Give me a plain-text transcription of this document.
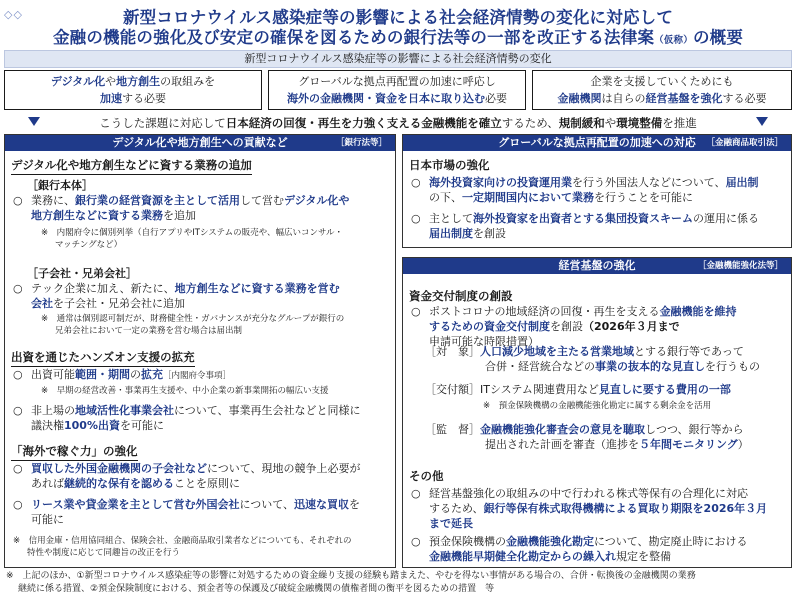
◇◇	新型コロナウイルス感染症等の影響による社会経済情勢の変化に対応して
金融の機能の強化及び安定の確保を図るための銀行法等の一部を改正する法律案（仮称）の概要
新型コロナウイルス感染症等の影響による社会経済情勢の変化
デジタル化や地方創生の取組みを
加速する必要
グローバルな拠点再配置の加速に呼応し
海外の金融機関・資金を日本に取り込む必要
企業を支援していくためにも
金融機関は自らの経営基盤を強化する必要
こうした課題に対応して日本経済の回復・再生を力強く支える金融機能を確立するため、規制緩和や環境整備を推進
デジタル化や地方創生への貢献など	［銀行法等］
デジタル化や地方創生などに資する業務の追加
［銀行本体］
○ 業務に、銀行業の経営資源を主として活用して営むデジタル化や
地方創生などに資する業務を追加
※　内閣府令に個別列挙（自行アプリやITシステムの販売や、幅広いコンサル・
マッチングなど）
［子会社・兄弟会社］
○ テック企業に加え、新たに、地方創生などに資する業務を営む
会社を子会社・兄弟会社に追加
※　通常は個別認可制だが、財務健全性・ガバナンスが充分なグループが銀行の
兄弟会社において一定の業務を営む場合は届出制
出資を通じたハンズオン支援の拡充
○ 出資可能範囲・期間の拡充［内閣府令事項］
※　早期の経営改善・事業再生支援や、中小企業の新事業開拓の幅広い支援
○ 非上場の地域活性化事業会社について、事業再生会社などと同様に
議決権100%出資を可能に
「海外で稼ぐ力」の強化
○ 買収した外国金融機関の子会社などについて、現地の競争上必要が
あれば継続的な保有を認めることを原則に
○ リース業や貸金業を主として営む外国会社について、迅速な買収を
可能に
※　信用金庫・信用協同組合、保険会社、金融商品取引業者などについても、それぞれの
特性や制度に応じて同趣旨の改正を行う
グローバルな拠点再配置の加速への対応	［金融商品取引法］
日本市場の強化
○ 海外投資家向けの投資運用業を行う外国法人などについて、届出制
の下、一定期間国内において業務を行うことを可能に
○ 主として海外投資家を出資者とする集団投資スキームの運用に係る
届出制度を創設
経営基盤の強化	［金融機能強化法等］
資金交付制度の創設
○ ポストコロナの地域経済の回復・再生を支える金融機能を維持
するための資金交付制度を創設（2026年３月まで申請可能な時限措置）
［対　象］人口減少地域を主たる営業地域とする銀行等であって
合併・経営統合などの事業の抜本的な見直しを行うもの
［交付額］ITシステム関連費用など見直しに要する費用の一部
※　預金保険機構の金融機能強化勘定に属する剰余金を活用
［監　督］金融機能強化審査会の意見を聴取しつつ、銀行等から
提出された計画を審査（進捗を５年間モニタリング）
その他
○ 経営基盤強化の取組みの中で行われる株式等保有の合理化に対応
するため、銀行等保有株式取得機構による買取り期限を2026年３月
まで延長
○ 預金保険機構の金融機能強化勘定について、勘定廃止時における
金融機能早期健全化勘定からの繰入れ規定を整備
※　上記のほか、①新型コロナウイルス感染症等の影響に対処するための資金繰り支援の経験も踏まえた、やむを得ない事情がある場合の、合併・転換後の金融機関の業務
継続に係る措置、②預金保険制度における、預金者等の保護及び破綻金融機関の債権者間の衡平を図るための措置　等
